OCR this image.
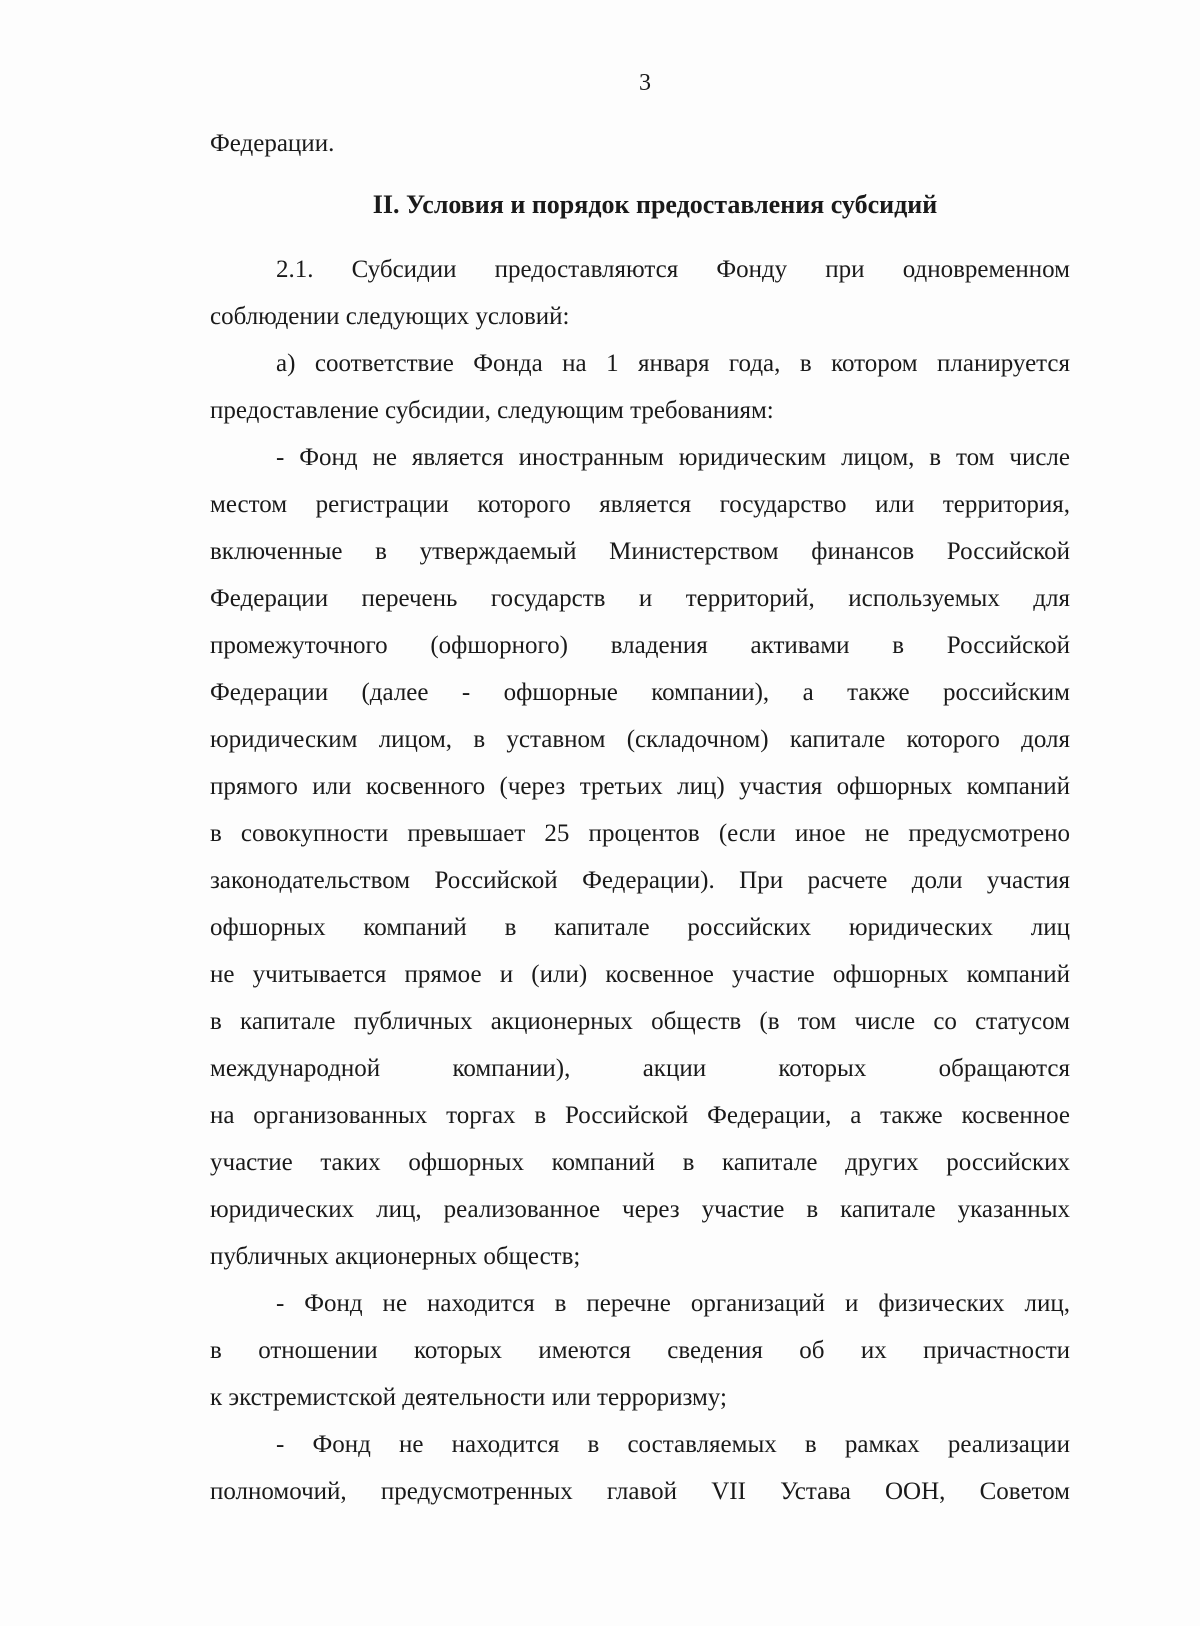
3
Федерации.
II. Условия и порядок предоставления субсидий
2.1. Субсидии предоставляются Фонду при одновременном
соблюдении следующих условий:
а) соответствие Фонда на 1 января года, в котором планируется
предоставление субсидии, следующим требованиям:
- Фонд не является иностранным юридическим лицом, в том числе
местом регистрации которого является государство или территория,
включенные в утверждаемый Министерством финансов Российской
Федерации перечень государств и территорий, используемых для
промежуточного (офшорного) владения активами в Российской
Федерации (далее - офшорные компании), а также российским
юридическим лицом, в уставном (складочном) капитале которого доля
прямого или косвенного (через третьих лиц) участия офшорных компаний
в совокупности превышает 25 процентов (если иное не предусмотрено
законодательством Российской Федерации). При расчете доли участия
офшорных компаний в капитале российских юридических лиц
не учитывается прямое и (или) косвенное участие офшорных компаний
в капитале публичных акционерных обществ (в том числе со статусом
международной компании), акции которых обращаются
на организованных торгах в Российской Федерации, а также косвенное
участие таких офшорных компаний в капитале других российских
юридических лиц, реализованное через участие в капитале указанных
публичных акционерных обществ;
- Фонд не находится в перечне организаций и физических лиц,
в отношении которых имеются сведения об их причастности
к экстремистской деятельности или терроризму;
- Фонд не находится в составляемых в рамках реализации
полномочий, предусмотренных главой VII Устава ООН, Советом
